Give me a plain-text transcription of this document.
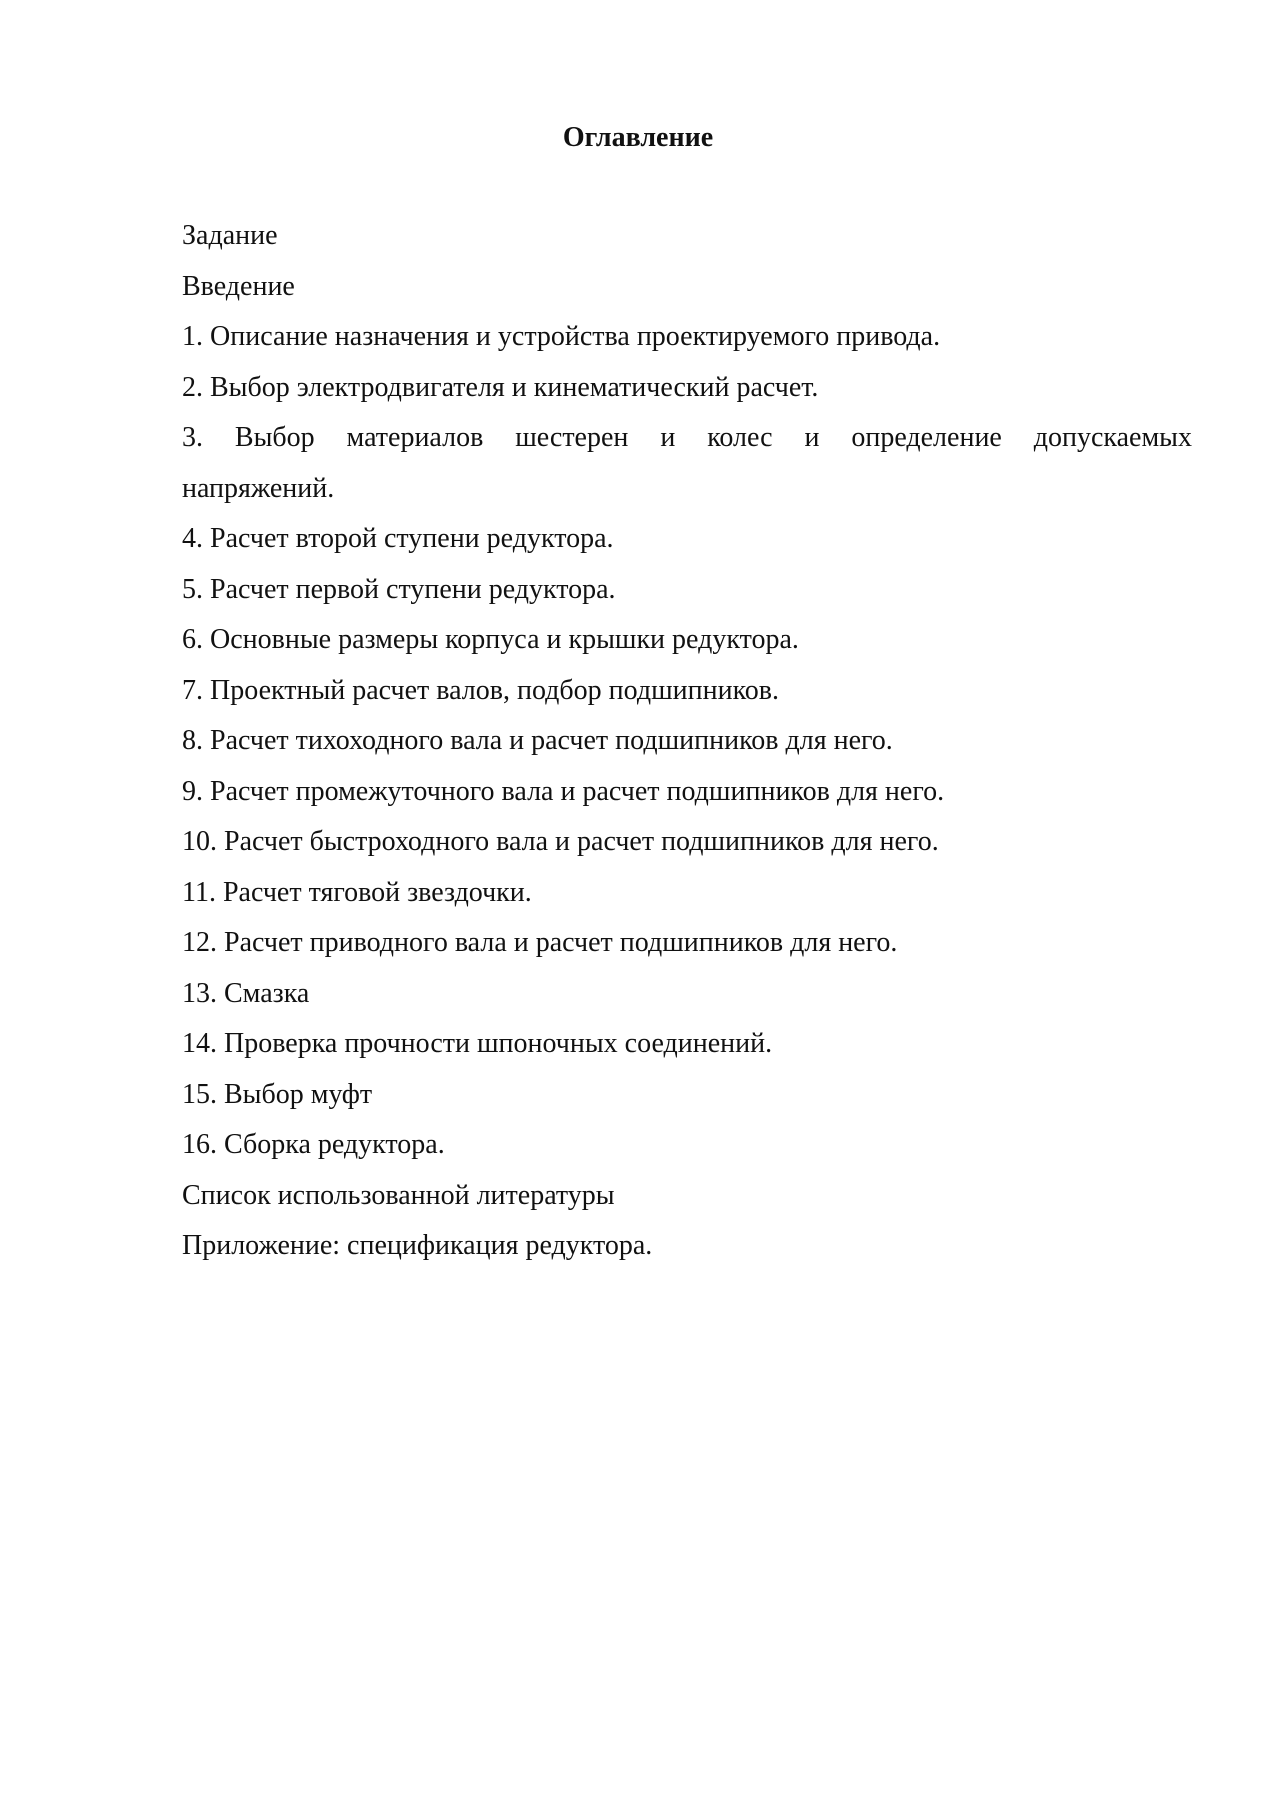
Оглавление
Задание
Введение
1. Описание назначения и устройства проектируемого привода.
2. Выбор электродвигателя и кинематический расчет.
3. Выбор материалов шестерен и колес и определение допускаемых
напряжений.
4. Расчет второй ступени редуктора.
5. Расчет первой ступени редуктора.
6. Основные размеры корпуса и крышки редуктора.
7. Проектный расчет валов, подбор подшипников.
8. Расчет тихоходного вала и расчет подшипников для него.
9. Расчет промежуточного вала и расчет подшипников для него.
10. Расчет быстроходного вала и расчет подшипников для него.
11. Расчет тяговой звездочки.
12. Расчет приводного вала и расчет подшипников для него.
13. Смазка
14. Проверка прочности шпоночных соединений.
15. Выбор муфт
16. Сборка редуктора.
Список использованной литературы
Приложение: спецификация редуктора.
